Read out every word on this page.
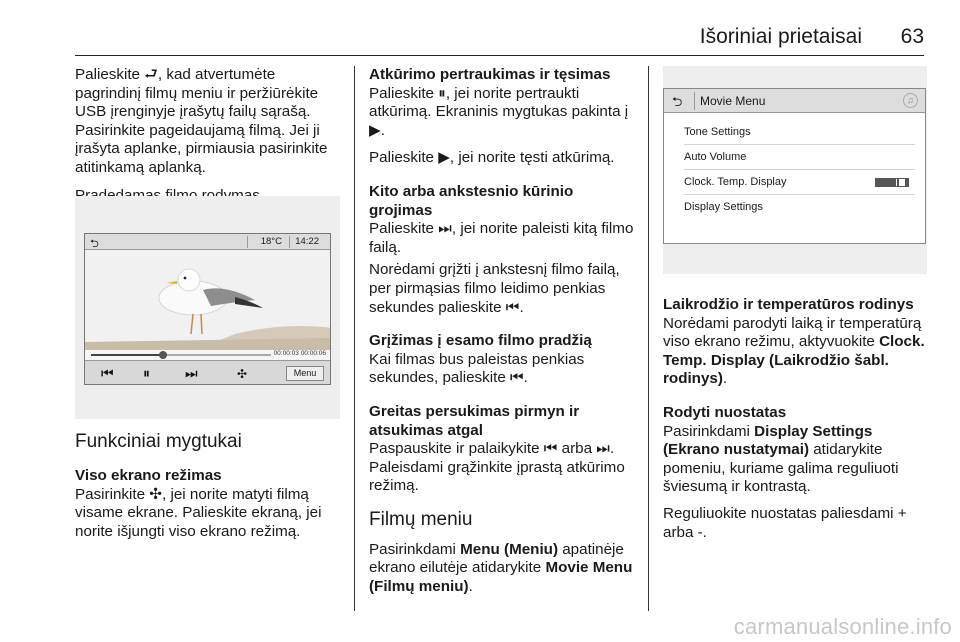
Išoriniai prietaisai 63

Palieskite ⮐, kad atvertumėte pagrindinį filmų meniu ir peržiūrėkite USB įrenginyje įrašytų failų sąrašą. Pasirinkite pageidaujamą filmą. Jei ji įrašyta aplanke, pirmiausia pasirinkite atitinkamą aplanką.

⮌	18°C 14:22
00:00:03 00:00:06
⏮ ⏸	⏭	✣	Menu
Funkciniai mygtukai
Viso ekrano režimas

Pasirinkite ✣, jei norite matyti filmą visame ekrane. Palieskite ekraną, jei norite išjungti viso ekrano režimą.

Atkūrimo pertraukimas ir tęsimas

Palieskite ⏸, jei norite pertraukti atkūrimą. Ekraninis mygtukas pakinta į ▶.

Palieskite ▶, jei norite tęsti atkūrimą.

Kito arba ankstesnio kūrinio grojimas

Palieskite ⏭, jei norite paleisti kitą filmo failą.

Norėdami grįžti į ankstesnį filmo failą, per pirmąsias filmo leidimo penkias sekundes palieskite ⏮.

Grįžimas į esamo filmo pradžią

Kai filmas bus paleistas penkias sekundes, palieskite ⏮.

Greitas persukimas pirmyn ir atsukimas atgal

Paspauskite ir palaikykite ⏮ arba ⏭. Paleisdami grąžinkite įprastą atkūrimo režimą.

Filmų meniu

Pasirinkdami Menu (Meniu) apatinėje ekrano eilutėje atidarykite Movie Menu (Filmų meniu).

⮌ Movie Menu	♫
Tone Settings
Auto Volume
Clock. Temp. Display
Display Settings
Laikrodžio ir temperatūros rodinys

Norėdami parodyti laiką ir temperatūrą viso ekrano režimu, aktyvuokite Clock. Temp. Display (Laikrodžio šabl. rodinys).

Rodyti nuostatas

Pasirinkdami Display Settings (Ekrano nustatymai) atidarykite pomeniu, kuriame galima reguliuoti šviesumą ir kontrastą.

Reguliuokite nuostatas paliesdami + arba -.

carmanualsonline.info
